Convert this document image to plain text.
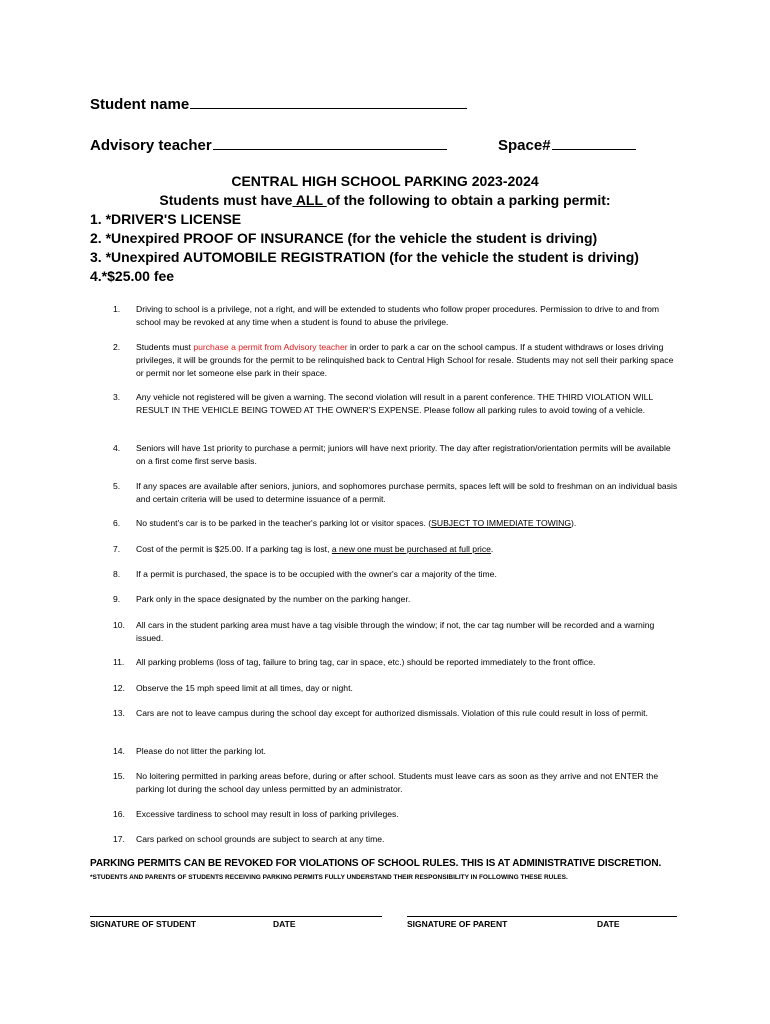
Student name
Advisory teacher	Space#
CENTRAL HIGH SCHOOL PARKING 2023-2024
Students must have ALL of the following to obtain a parking permit:
1. *DRIVER'S LICENSE
2. *Unexpired PROOF OF INSURANCE (for the vehicle the student is driving)
3. *Unexpired AUTOMOBILE REGISTRATION (for the vehicle the student is driving)
4.*$25.00 fee
1. Driving to school is a privilege, not a right, and will be extended to students who follow proper procedures. Permission to drive to and from school may be revoked at any time when a student is found to abuse the privilege.
2. Students must purchase a permit from Advisory teacher in order to park a car on the school campus. If a student withdraws or loses driving privileges, it will be grounds for the permit to be relinquished back to Central High School for resale. Students may not sell their parking space or permit nor let someone else park in their space.
3. Any vehicle not registered will be given a warning. The second violation will result in a parent conference. THE THIRD VIOLATION WILL RESULT IN THE VEHICLE BEING TOWED AT THE OWNER'S EXPENSE. Please follow all parking rules to avoid towing of a vehicle.
4. Seniors will have 1st priority to purchase a permit; juniors will have next priority. The day after registration/orientation permits will be available on a first come first serve basis.
5. If any spaces are available after seniors, juniors, and sophomores purchase permits, spaces left will be sold to freshman on an individual basis and certain criteria will be used to determine issuance of a permit.
6. No student's car is to be parked in the teacher's parking lot or visitor spaces. (SUBJECT TO IMMEDIATE TOWING).
7. Cost of the permit is $25.00. If a parking tag is lost, a new one must be purchased at full price.
8. If a permit is purchased, the space is to be occupied with the owner's car a majority of the time.
9. Park only in the space designated by the number on the parking hanger.
10. All cars in the student parking area must have a tag visible through the window; if not, the car tag number will be recorded and a warning issued.
11. All parking problems (loss of tag, failure to bring tag, car in space, etc.) should be reported immediately to the front office.
12. Observe the 15 mph speed limit at all times, day or night.
13. Cars are not to leave campus during the school day except for authorized dismissals. Violation of this rule could result in loss of permit.
14. Please do not litter the parking lot.
15. No loitering permitted in parking areas before, during or after school. Students must leave cars as soon as they arrive and not ENTER the parking lot during the school day unless permitted by an administrator.
16. Excessive tardiness to school may result in loss of parking privileges.
17. Cars parked on school grounds are subject to search at any time.
PARKING PERMITS CAN BE REVOKED FOR VIOLATIONS OF SCHOOL RULES. THIS IS AT ADMINISTRATIVE DISCRETION.
*STUDENTS AND PARENTS OF STUDENTS RECEIVING PARKING PERMITS FULLY UNDERSTAND THEIR RESPONSIBILITY IN FOLLOWING THESE RULES.
SIGNATURE OF STUDENT	DATE	SIGNATURE OF PARENT	DATE
